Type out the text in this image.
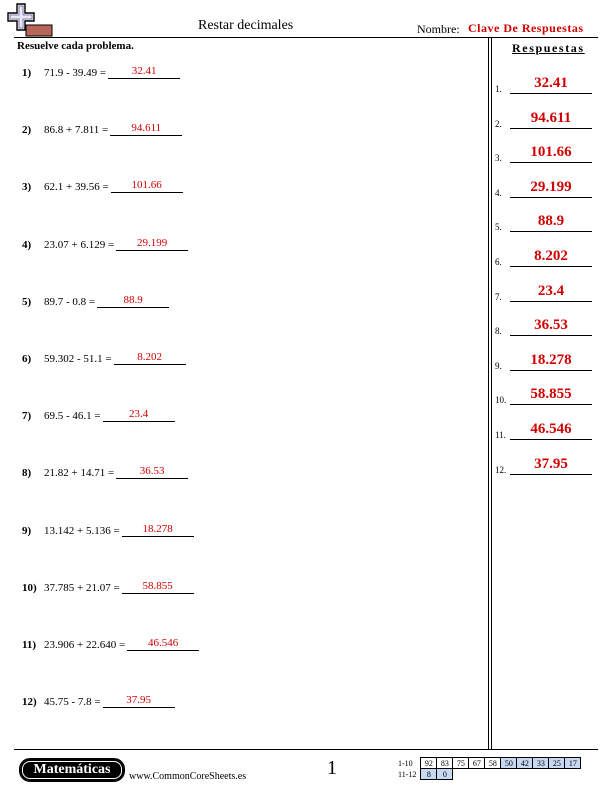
Restar decimales	Nombre: Clave De Respuestas
Resuelve cada problema.	Respuestas
1) 71.9 - 39.49 = 32.41
2) 86.8 + 7.811 = 94.611
3) 62.1 + 39.56 = 101.66
4) 23.07 + 6.129 = 29.199
5) 89.7 - 0.8 =	88.9
6) 59.302 - 51.1 = 8.202
7) 69.5 - 46.1 =	23.4
8) 21.82 + 14.71 = 36.53
9) 13.142 + 5.136 = 18.278
10) 37.785 + 21.07 = 58.855
11) 23.906 + 22.640 = 46.546
12) 45.75 - 7.8 = 37.95
1.	32.41
2.	94.611
3.	101.66
4.	29.199
5.	88.9
6.	8.202
7.	23.4
8.	36.53
9.	18.278
10.	58.855
11.	46.546
12.	37.95
Matemáticas	www.CommonCoreSheets.es	1	1-10	92	83	75	67	58	50	42	33	25	17
11-12	8	0								
